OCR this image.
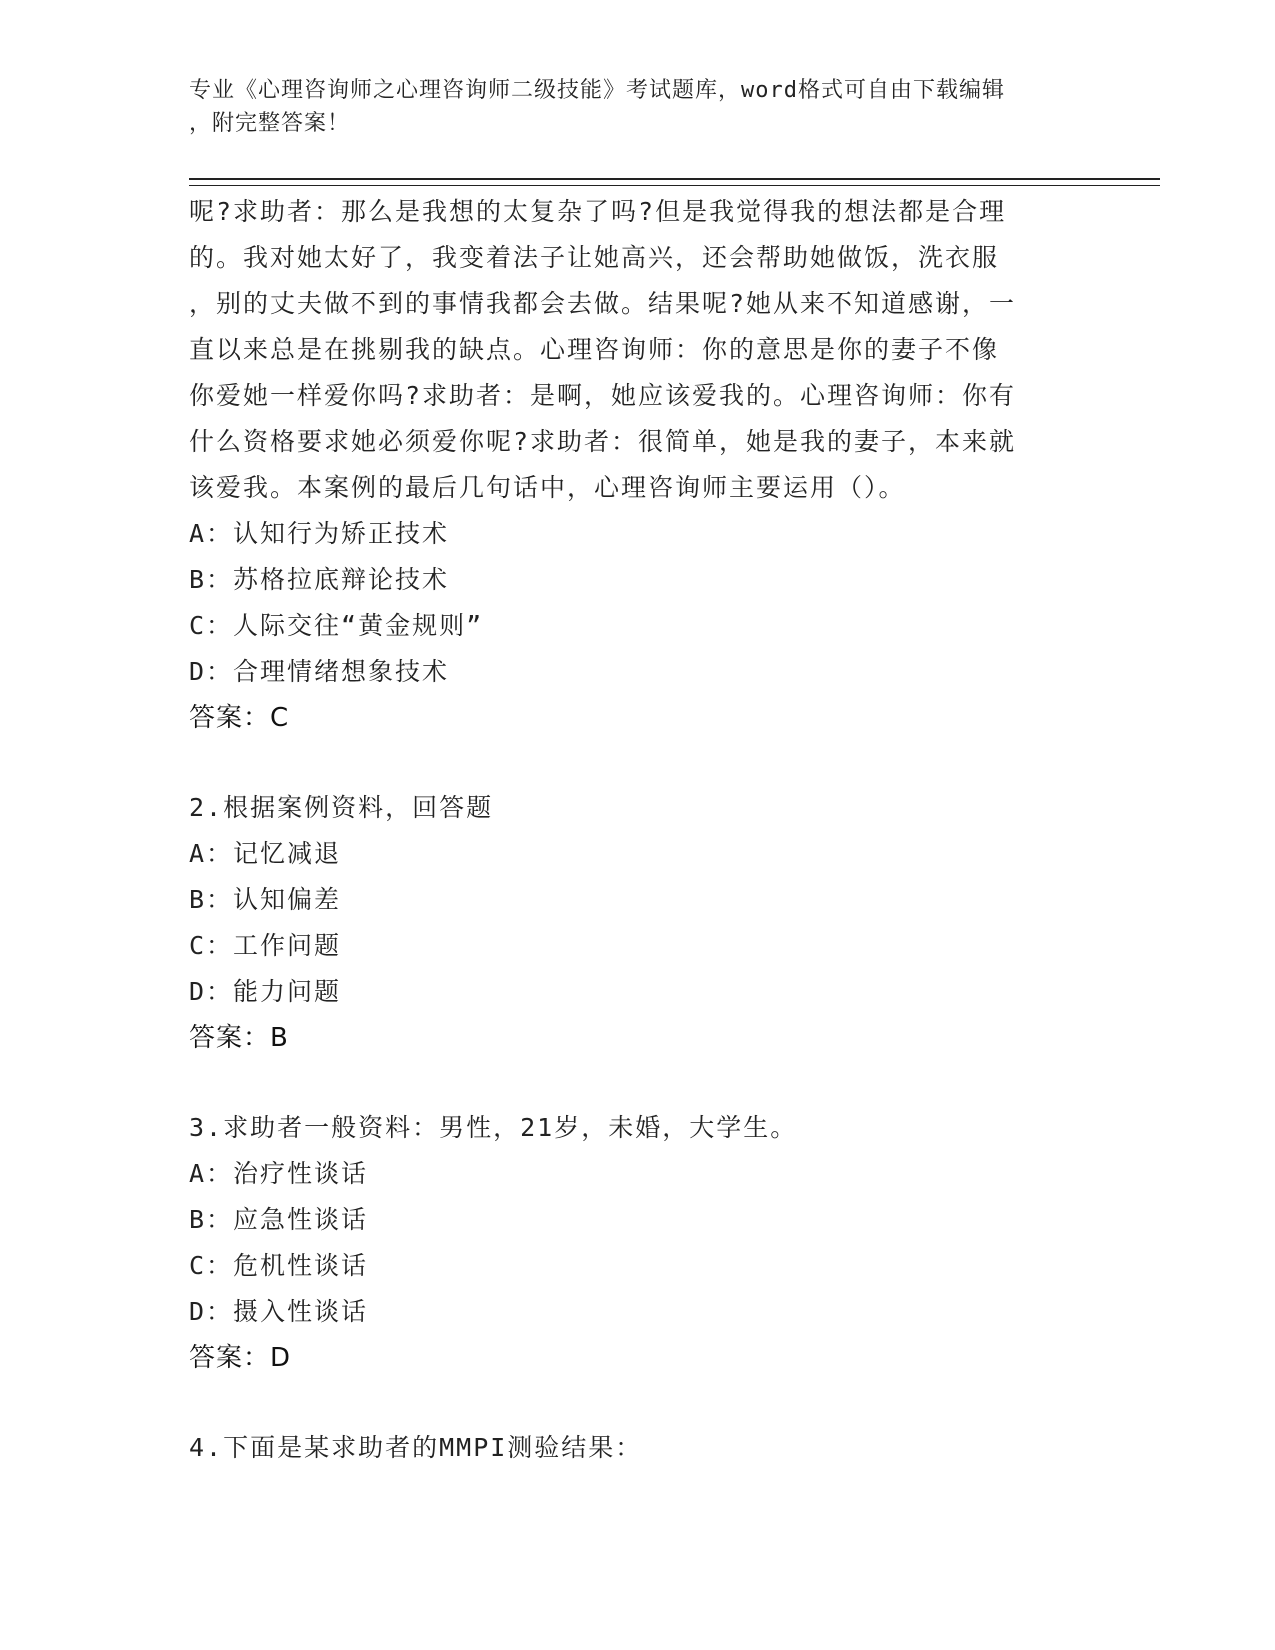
专业《心理咨询师之心理咨询师二级技能》考试题库，word格式可自由下载编辑
，附完整答案！
呢?求助者：那么是我想的太复杂了吗?但是我觉得我的想法都是合理
的。我对她太好了，我变着法子让她高兴，还会帮助她做饭，洗衣服
，别的丈夫做不到的事情我都会去做。结果呢?她从来不知道感谢，一
直以来总是在挑剔我的缺点。心理咨询师：你的意思是你的妻子不像
你爱她一样爱你吗?求助者：是啊，她应该爱我的。心理咨询师：你有
什么资格要求她必须爱你呢?求助者：很简单，她是我的妻子，本来就
该爱我。本案例的最后几句话中，心理咨询师主要运用（）。
A：认知行为矫正技术
B：苏格拉底辩论技术
C：人际交往“黄金规则”
D：合理情绪想象技术
答案：C
2.根据案例资料，回答题
A：记忆减退
B：认知偏差
C：工作问题
D：能力问题
答案：B
3.求助者一般资料：男性，21岁，未婚，大学生。
A：治疗性谈话
B：应急性谈话
C：危机性谈话
D：摄入性谈话
答案：D
4.下面是某求助者的MMPI测验结果：
